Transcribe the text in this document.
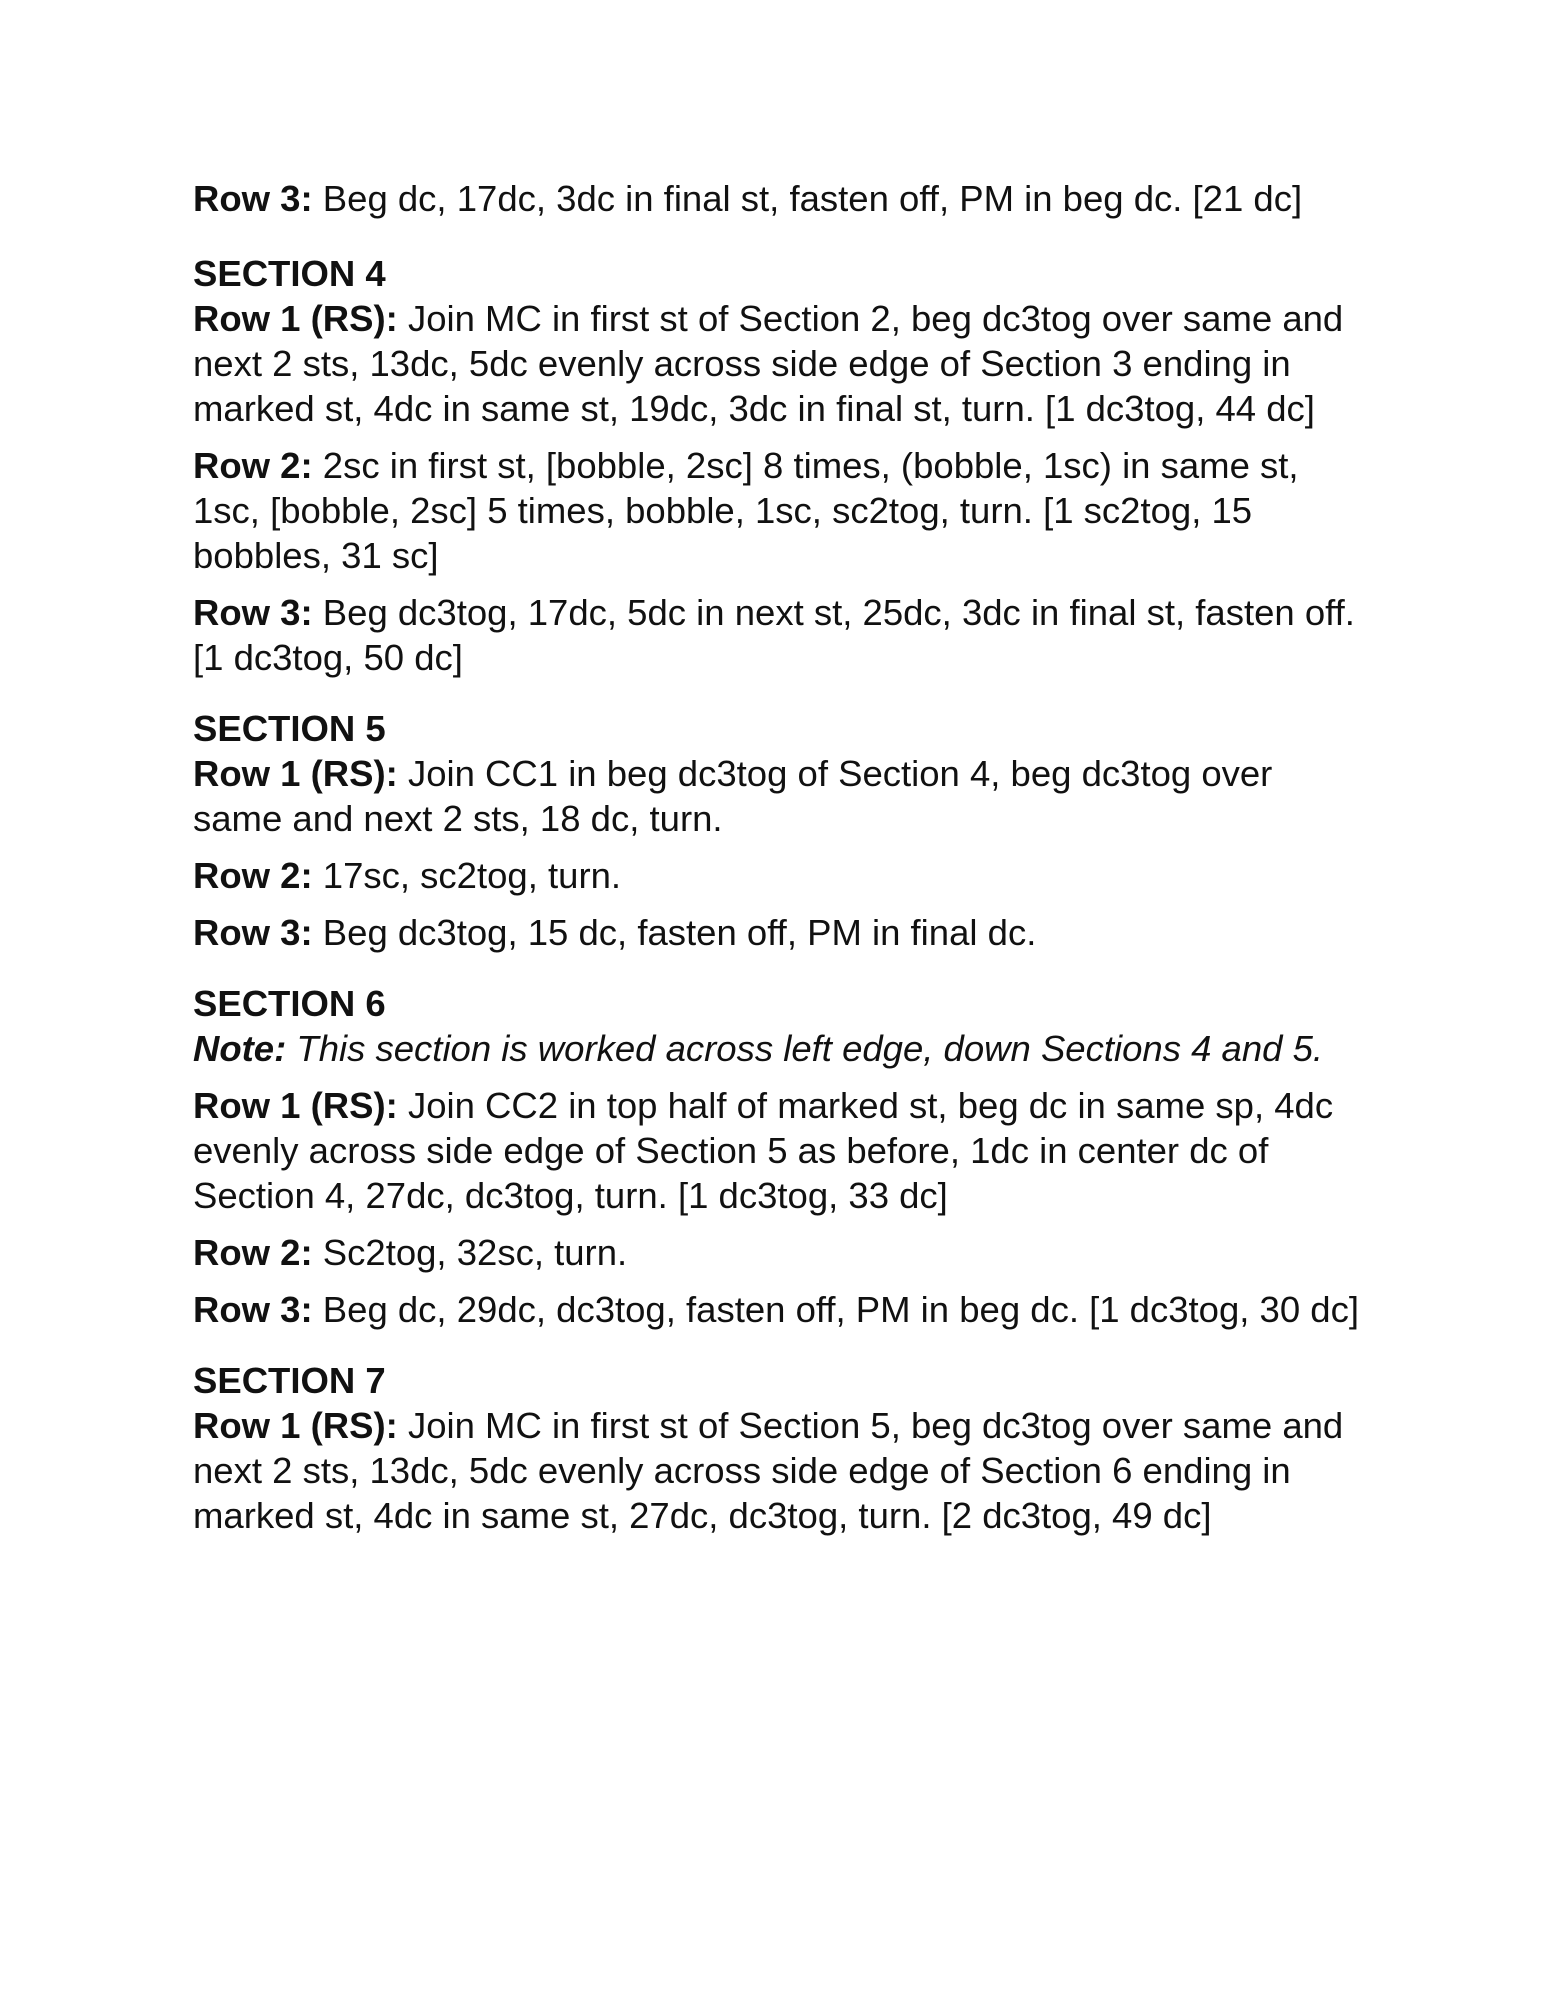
Row 3: Beg dc, 17dc, 3dc in final st, fasten off, PM in beg dc. [21 dc]

SECTION 4

Row 1 (RS): Join MC in first st of Section 2, beg dc3tog over same and next 2 sts, 13dc, 5dc evenly across side edge of Section 3 ending in marked st, 4dc in same st, 19dc, 3dc in final st, turn. [1 dc3tog, 44 dc]

Row 2: 2sc in first st, [bobble, 2sc] 8 times, (bobble, 1sc) in same st, 1sc, [bobble, 2sc] 5 times, bobble, 1sc, sc2tog, turn. [1 sc2tog, 15 bobbles, 31 sc]

Row 3: Beg dc3tog, 17dc, 5dc in next st, 25dc, 3dc in final st, fasten off. [1 dc3tog, 50 dc]

SECTION 5

Row 1 (RS): Join CC1 in beg dc3tog of Section 4, beg dc3tog over same and next 2 sts, 18 dc, turn.

Row 2: 17sc, sc2tog, turn.

Row 3: Beg dc3tog, 15 dc, fasten off, PM in final dc.

SECTION 6

Note: This section is worked across left edge, down Sections 4 and 5.

Row 1 (RS): Join CC2 in top half of marked st, beg dc in same sp, 4dc evenly across side edge of Section 5 as before, 1dc in center dc of Section 4, 27dc, dc3tog, turn. [1 dc3tog, 33 dc]

Row 2: Sc2tog, 32sc, turn.

Row 3: Beg dc, 29dc, dc3tog, fasten off, PM in beg dc. [1 dc3tog, 30 dc]

SECTION 7

Row 1 (RS): Join MC in first st of Section 5, beg dc3tog over same and next 2 sts, 13dc, 5dc evenly across side edge of Section 6 ending in marked st, 4dc in same st, 27dc, dc3tog, turn. [2 dc3tog, 49 dc]
